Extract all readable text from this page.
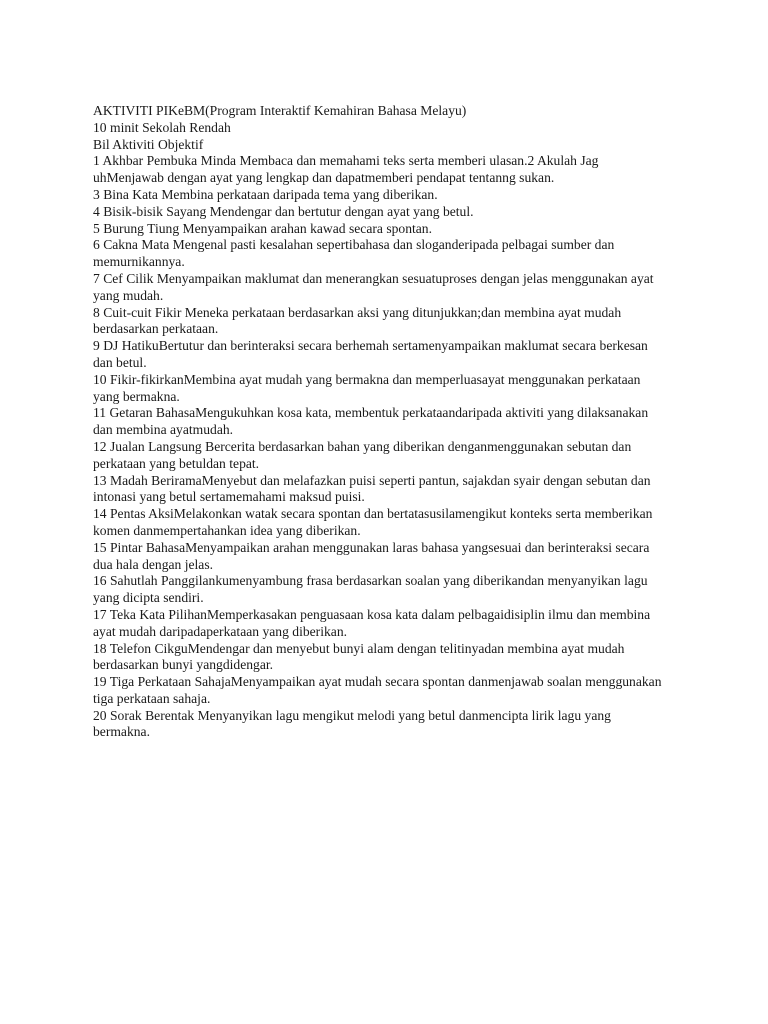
AKTIVITI PIKeBM(Program Interaktif Kemahiran Bahasa Melayu)

10 minit Sekolah Rendah

Bil Aktiviti Objektif

1 Akhbar Pembuka Minda Membaca dan memahami teks serta memberi ulasan.2 Akulah Jag uhMenjawab dengan ayat yang lengkap dan dapatmemberi pendapat tentanng sukan.

3 Bina Kata Membina perkataan daripada tema yang diberikan.

4 Bisik-bisik Sayang Mendengar dan bertutur dengan ayat yang betul.

5 Burung Tiung Menyampaikan arahan kawad secara spontan.

6 Cakna Mata Mengenal pasti kesalahan sepertibahasa dan sloganderipada pelbagai sumber dan memurnikannya.

7 Cef Cilik Menyampaikan maklumat dan menerangkan sesuatuproses dengan jelas menggunakan ayat yang mudah.

8 Cuit-cuit Fikir Meneka perkataan berdasarkan aksi yang ditunjukkan;dan membina ayat mudah berdasarkan perkataan.

9 DJ HatikuBertutur dan berinteraksi secara berhemah sertamenyampaikan maklumat secara berkesan dan betul.

10 Fikir-fikirkanMembina ayat mudah yang bermakna dan memperluasayat menggunakan perkataan yang bermakna.

11 Getaran BahasaMengukuhkan kosa kata, membentuk perkataandaripada aktiviti yang dilaksanakan dan membina ayatmudah.

12 Jualan Langsung Bercerita berdasarkan bahan yang diberikan denganmenggunakan sebutan dan perkataan yang betuldan tepat.

13 Madah BeriramaMenyebut dan melafazkan puisi seperti pantun, sajakdan syair dengan sebutan dan intonasi yang betul sertamemahami maksud puisi.

14 Pentas AksiMelakonkan watak secara spontan dan bertatasusilamengikut konteks serta memberikan komen danmempertahankan idea yang diberikan.

15 Pintar BahasaMenyampaikan arahan menggunakan laras bahasa yangsesuai dan berinteraksi secara dua hala dengan jelas.

16 Sahutlah Panggilankumenyambung frasa berdasarkan soalan yang diberikandan menyanyikan lagu yang dicipta sendiri.

17 Teka Kata PilihanMemperkasakan penguasaan kosa kata dalam pelbagaidisiplin ilmu dan membina ayat mudah daripadaperkataan yang diberikan.

18 Telefon CikguMendengar dan menyebut bunyi alam dengan telitinyadan membina ayat mudah berdasarkan bunyi yangdidengar.

19 Tiga Perkataan SahajaMenyampaikan ayat mudah secara spontan danmenjawab soalan menggunakan tiga perkataan sahaja.

20 Sorak Berentak Menyanyikan lagu mengikut melodi yang betul danmencipta lirik lagu yang bermakna.
